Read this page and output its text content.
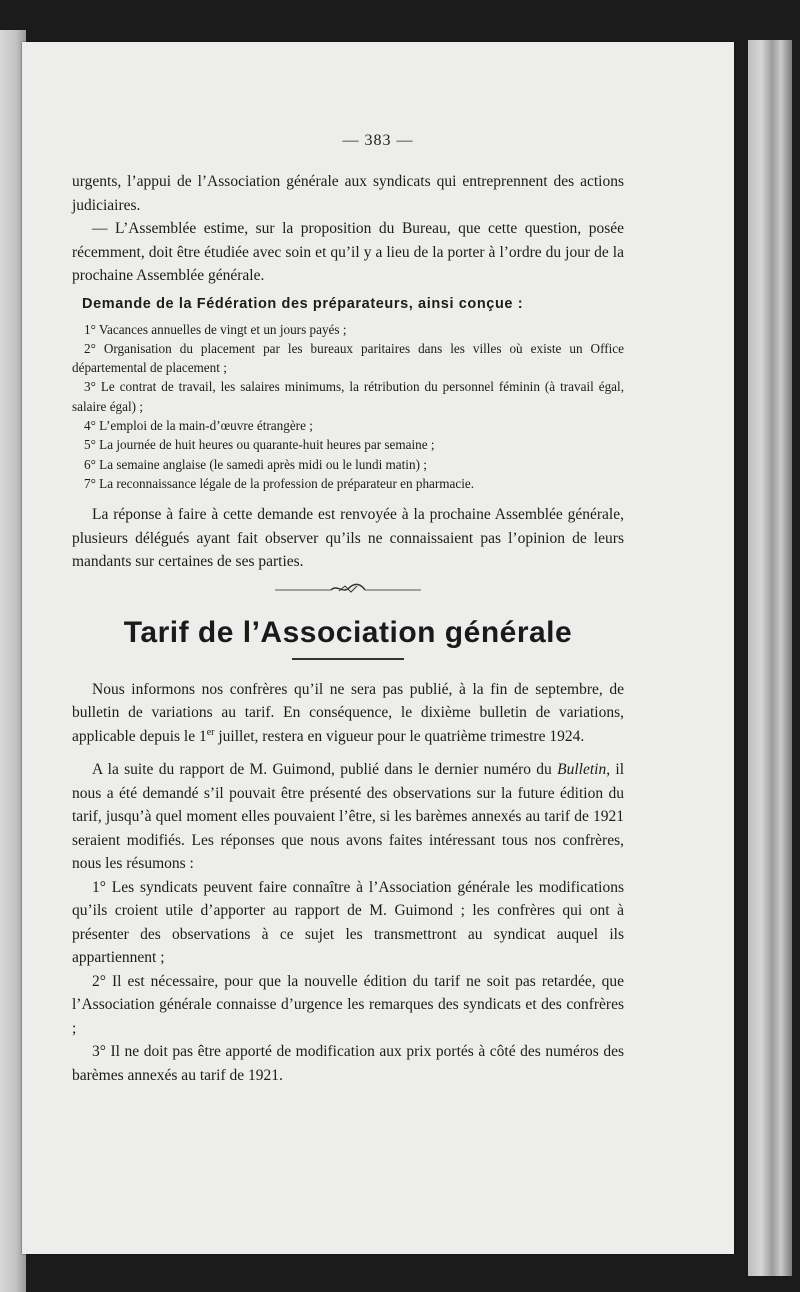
— 383 —

urgents, l’appui de l’Association générale aux syndicats qui entreprennent des actions judiciaires.

— L’Assemblée estime, sur la proposition du Bureau, que cette question, posée récemment, doit être étudiée avec soin et qu’il y a lieu de la porter à l’ordre du jour de la prochaine Assemblée générale.

Demande de la Fédération des préparateurs, ainsi conçue :

1° Vacances annuelles de vingt et un jours payés ;

2° Organisation du placement par les bureaux paritaires dans les villes où existe un Office départemental de placement ;

3° Le contrat de travail, les salaires minimums, la rétribution du personnel féminin (à travail égal, salaire égal) ;

4° L’emploi de la main-d’œuvre étrangère ;

5° La journée de huit heures ou quarante-huit heures par semaine ;

6° La semaine anglaise (le samedi après midi ou le lundi matin) ;

7° La reconnaissance légale de la profession de préparateur en pharmacie.

La réponse à faire à cette demande est renvoyée à la prochaine Assemblée générale, plusieurs délégués ayant fait observer qu’ils ne connaissaient pas l’opinion de leurs mandants sur certaines de ses parties.

Tarif de l’Association générale

Nous informons nos confrères qu’il ne sera pas publié, à la fin de septembre, de bulletin de variations au tarif. En conséquence, le dixième bulletin de variations, applicable depuis le 1er juillet, restera en vigueur pour le quatrième trimestre 1924.

A la suite du rapport de M. Guimond, publié dans le dernier numéro du Bulletin, il nous a été demandé s’il pouvait être présenté des observations sur la future édition du tarif, jusqu’à quel moment elles pouvaient l’être, si les barèmes annexés au tarif de 1921 seraient modifiés. Les réponses que nous avons faites intéressant tous nos confrères, nous les résumons :

1° Les syndicats peuvent faire connaître à l’Association générale les modifications qu’ils croient utile d’apporter au rapport de M. Guimond ; les confrères qui ont à présenter des observations à ce sujet les transmettront au syndicat auquel ils appartiennent ;

2° Il est nécessaire, pour que la nouvelle édition du tarif ne soit pas retardée, que l’Association générale connaisse d’urgence les remarques des syndicats et des confrères ;

3° Il ne doit pas être apporté de modification aux prix portés à côté des numéros des barèmes annexés au tarif de 1921.
